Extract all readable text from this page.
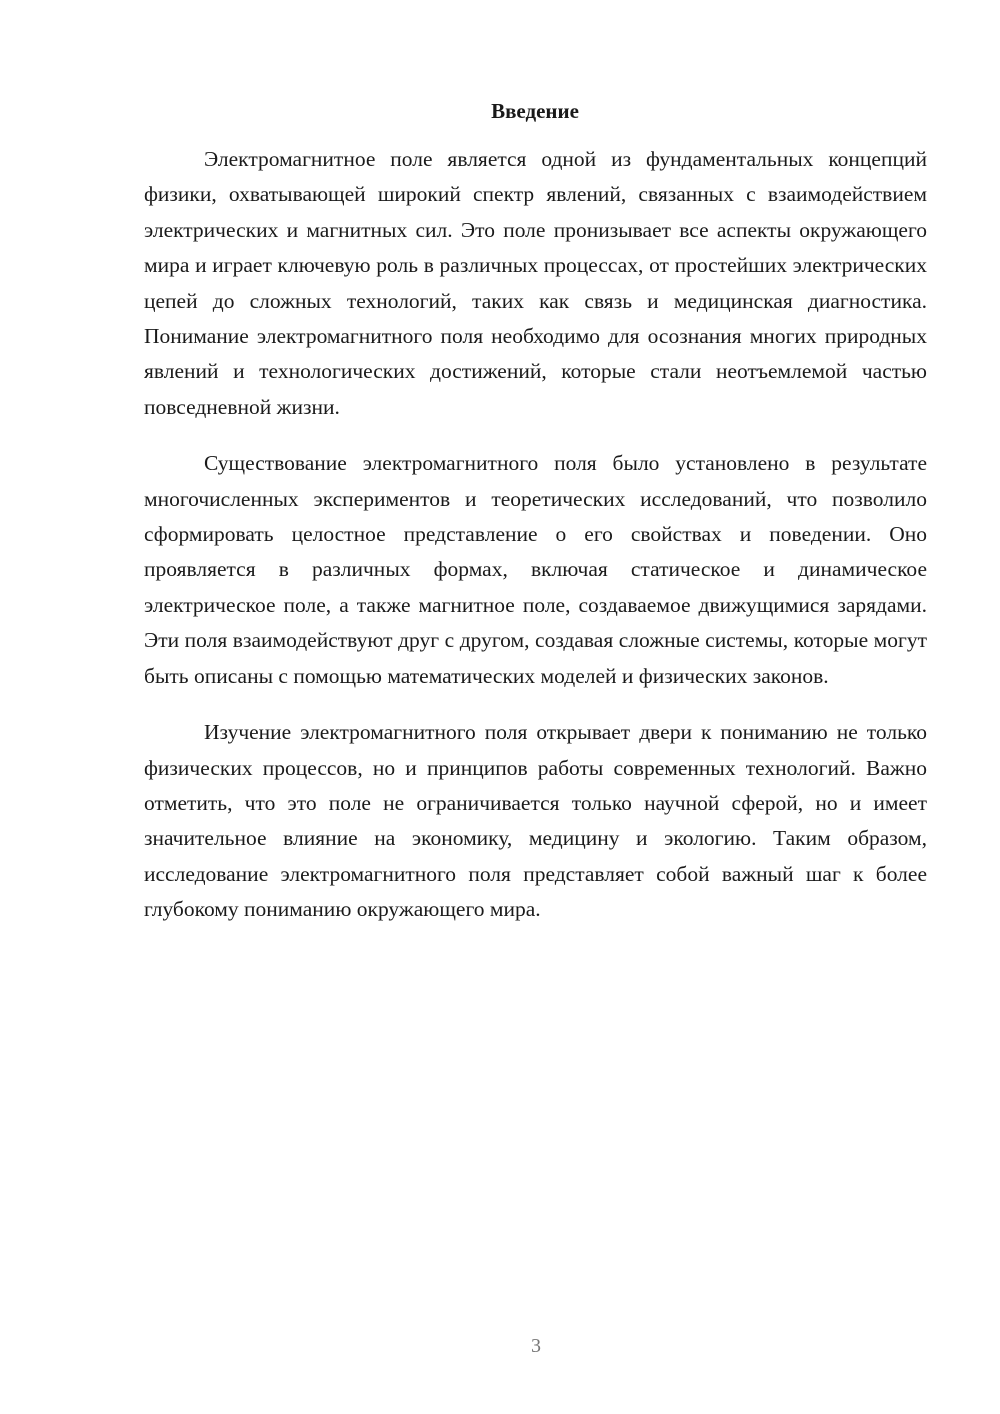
Введение

Электромагнитное поле является одной из фундаментальных концепций физики, охватывающей широкий спектр явлений, связанных с взаимодействием электрических и магнитных сил. Это поле пронизывает все аспекты окружающего мира и играет ключевую роль в различных процессах, от простейших электрических цепей до сложных технологий, таких как связь и медицинская диагностика. Понимание электромагнитного поля необходимо для осознания многих природных явлений и технологических достижений, которые стали неотъемлемой частью повседневной жизни.

Существование электромагнитного поля было установлено в результате многочисленных экспериментов и теоретических исследований, что позволило сформировать целостное представление о его свойствах и поведении. Оно проявляется в различных формах, включая статическое и динамическое электрическое поле, а также магнитное поле, создаваемое движущимися зарядами. Эти поля взаимодействуют друг с другом, создавая сложные системы, которые могут быть описаны с помощью математических моделей и физических законов.

Изучение электромагнитного поля открывает двери к пониманию не только физических процессов, но и принципов работы современных технологий. Важно отметить, что это поле не ограничивается только научной сферой, но и имеет значительное влияние на экономику, медицину и экологию. Таким образом, исследование электромагнитного поля представляет собой важный шаг к более глубокому пониманию окружающего мира.

3
